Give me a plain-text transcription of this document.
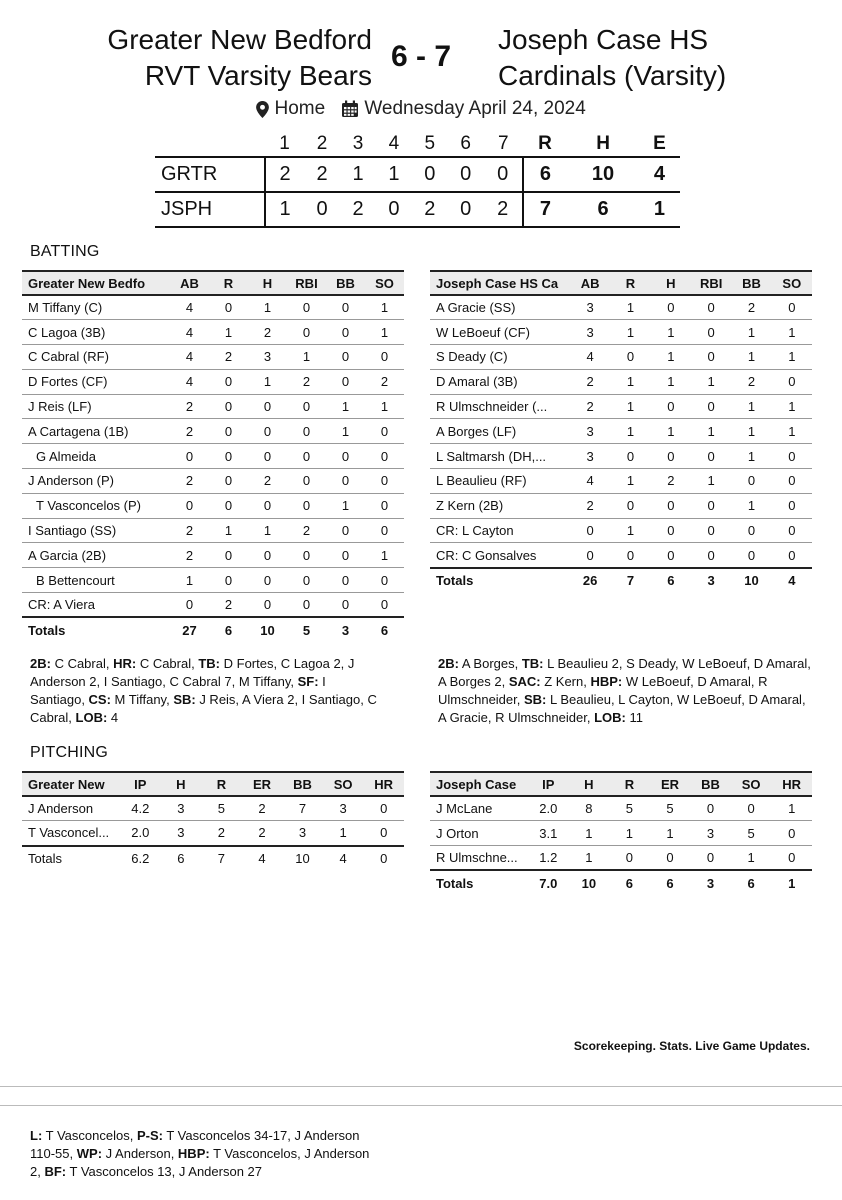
Greater New Bedford
RVT Varsity Bears
6 - 7
Joseph Case HS
Cardinals (Varsity)
Home Wednesday April 24, 2024
	1	2	3	4	5	6	7	R	H	E
GRTR	2	2	1	1	0	0	0	6	10	4
JSPH	1	0	2	0	2	0	2	7	6	1
BATTING
Greater New Bedfo	AB	R	H	RBI	BB	SO
M Tiffany (C)	4	0	1	0	0	1
C Lagoa (3B)	4	1	2	0	0	1
C Cabral (RF)	4	2	3	1	0	0
D Fortes (CF)	4	0	1	2	0	2
J Reis (LF)	2	0	0	0	1	1
A Cartagena (1B)	2	0	0	0	1	0
G Almeida	0	0	0	0	0	0
J Anderson (P)	2	0	2	0	0	0
T Vasconcelos (P)	0	0	0	0	1	0
I Santiago (SS)	2	1	1	2	0	0
A Garcia (2B)	2	0	0	0	0	1
B Bettencourt	1	0	0	0	0	0
CR: A Viera	0	2	0	0	0	0
Totals	27	6	10	5	3	6
Joseph Case HS Ca	AB	R	H	RBI	BB	SO
A Gracie (SS)	3	1	0	0	2	0
W LeBoeuf (CF)	3	1	1	0	1	1
S Deady (C)	4	0	1	0	1	1
D Amaral (3B)	2	1	1	1	2	0
R Ulmschneider (...	2	1	0	0	1	1
A Borges (LF)	3	1	1	1	1	1
L Saltmarsh (DH,...	3	0	0	0	1	0
L Beaulieu (RF)	4	1	2	1	0	0
Z Kern (2B)	2	0	0	0	1	0
CR: L Cayton	0	1	0	0	0	0
CR: C Gonsalves	0	0	0	0	0	0
Totals	26	7	6	3	10	4
2B: C Cabral, HR: C Cabral, TB: D Fortes, C Lagoa 2, J Anderson 2, I Santiago, C Cabral 7, M Tiffany, SF: I Santiago, CS: M Tiffany, SB: J Reis, A Viera 2, I Santiago, C Cabral, LOB: 4
2B: A Borges, TB: L Beaulieu 2, S Deady, W LeBoeuf, D Amaral, A Borges 2, SAC: Z Kern, HBP: W LeBoeuf, D Amaral, R Ulmschneider, SB: L Beaulieu, L Cayton, W LeBoeuf, D Amaral, A Gracie, R Ulmschneider, LOB: 11
PITCHING
Greater New	IP	H	R	ER	BB	SO	HR
J Anderson	4.2	3	5	2	7	3	0
T Vasconcel...	2.0	3	2	2	3	1	0
Totals	6.2	6	7	4	10	4	0
Joseph Case	IP	H	R	ER	BB	SO	HR
J McLane	2.0	8	5	5	0	0	1
J Orton	3.1	1	1	1	3	5	0
R Ulmschne...	1.2	1	0	0	0	1	0
Totals	7.0	10	6	6	3	6	1
Scorekeeping. Stats. Live Game Updates.
L: T Vasconcelos, P-S: T Vasconcelos 34-17, J Anderson 110-55, WP: J Anderson, HBP: T Vasconcelos, J Anderson 2, BF: T Vasconcelos 13, J Anderson 27
